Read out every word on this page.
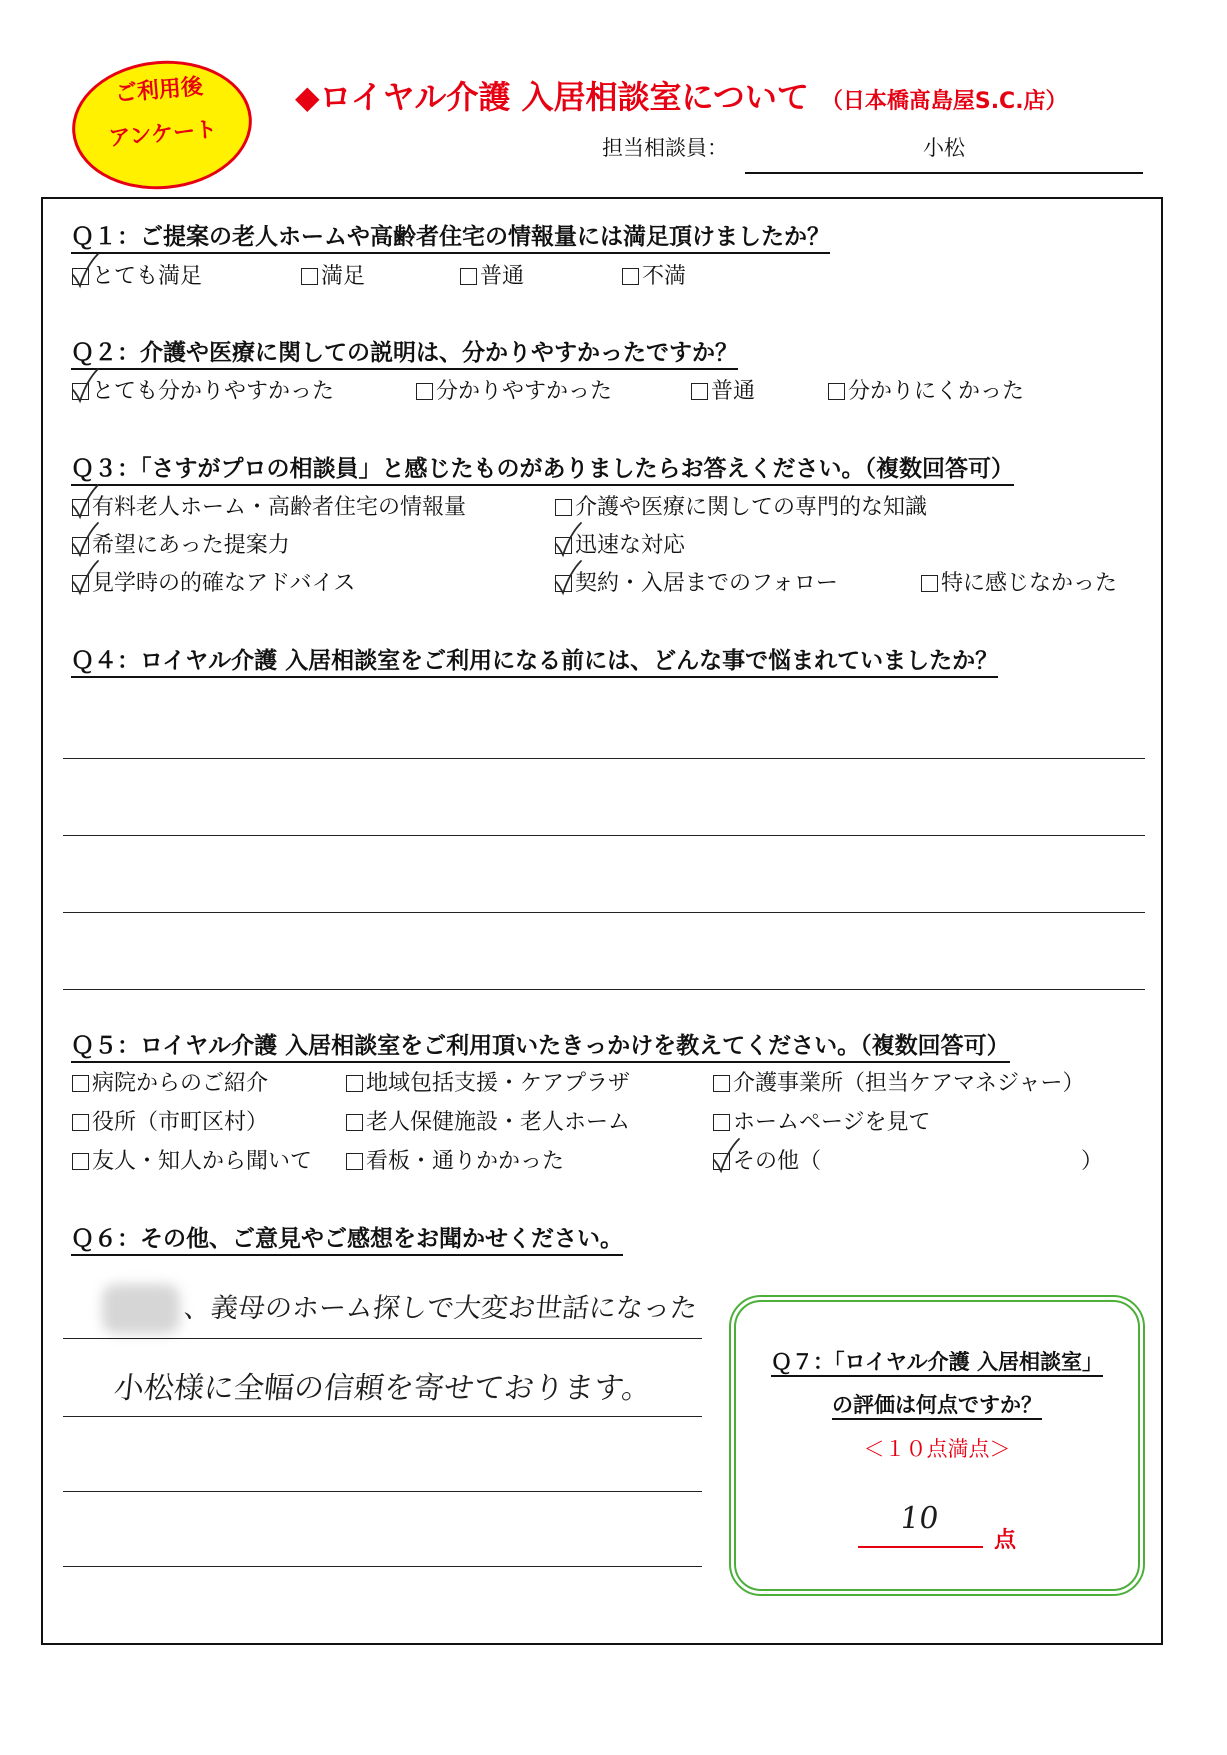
ご利用後
アンケート
◆ロイヤル介護 入居相談室について （日本橋髙島屋S.C.店）
担当相談員：	小松
Ｑ１：ご提案の老人ホームや高齢者住宅の情報量には満足頂けましたか？
とても満足	満足	普通	不満
Ｑ２：介護や医療に関しての説明は、分かりやすかったですか？
とても分かりやすかった	分かりやすかった	普通	分かりにくかった
Ｑ３：「さすがプロの相談員」と感じたものがありましたらお答えください。（複数回答可）
有料老人ホーム・高齢者住宅の情報量	介護や医療に関しての専門的な知識
希望にあった提案力	迅速な対応
見学時の的確なアドバイス	契約・入居までのフォロー	特に感じなかった
Ｑ４：ロイヤル介護 入居相談室をご利用になる前には、どんな事で悩まれていましたか？
Ｑ５：ロイヤル介護 入居相談室をご利用頂いたきっかけを教えてください。（複数回答可）
病院からのご紹介	地域包括支援・ケアプラザ	介護事業所（担当ケアマネジャー）
役所（市町区村）	老人保健施設・老人ホーム	ホームページを見て
友人・知人から聞いて	看板・通りかかった	その他（	）
Ｑ６：その他、ご意見やご感想をお聞かせください。
、義母のホーム探しで大変お世話になった
小松様に全幅の信頼を寄せております。
Ｑ７：「ロイヤル介護 入居相談室」
の評価は何点ですか？
＜１０点満点＞
10
点
